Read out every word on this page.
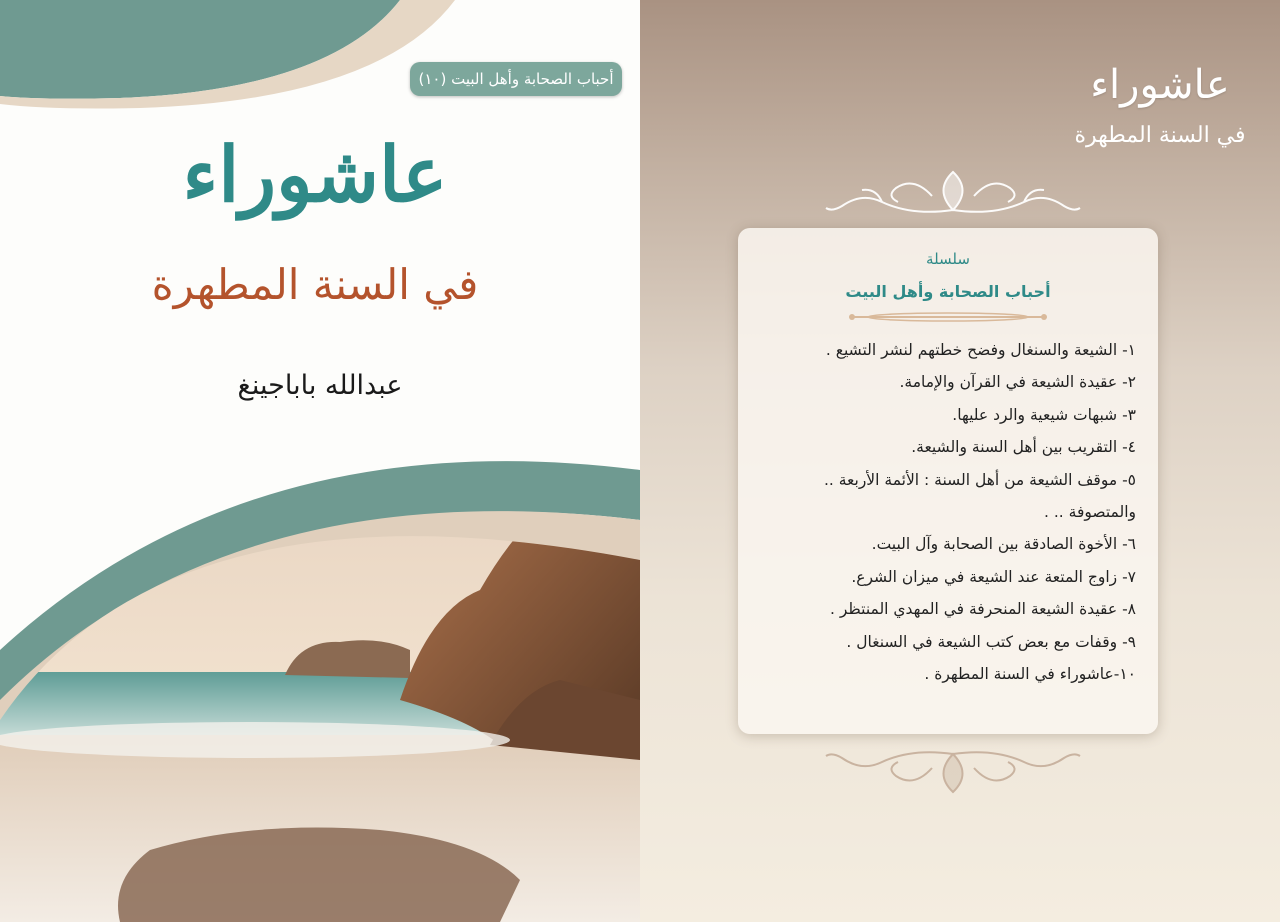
أحباب الصحابة وأهل البيت (١٠)
عاشوراء
في السنة المطهرة
عبدالله باباجينغ
عاشوراء
في السنة المطهرة
سلسلة
أحباب الصحابة وأهل البيت
١- الشيعة والسنغال وفضح خطتهم لنشر التشيع .
٢- عقيدة الشيعة في القرآن والإمامة.
٣- شبهات شيعية والرد عليها.
٤- التقريب بين أهل السنة والشيعة.
٥- موقف الشيعة من أهل السنة : الأئمة الأربعة ..
والمتصوفة .. .
٦- الأخوة الصادقة بين الصحابة وآل البيت.
٧- زاوج المتعة عند الشيعة في ميزان الشرع.
٨- عقيدة الشيعة المنحرفة في المهدي المنتظر .
٩- وقفات مع بعض كتب الشيعة في السنغال .
١٠-عاشوراء في السنة المطهرة .
